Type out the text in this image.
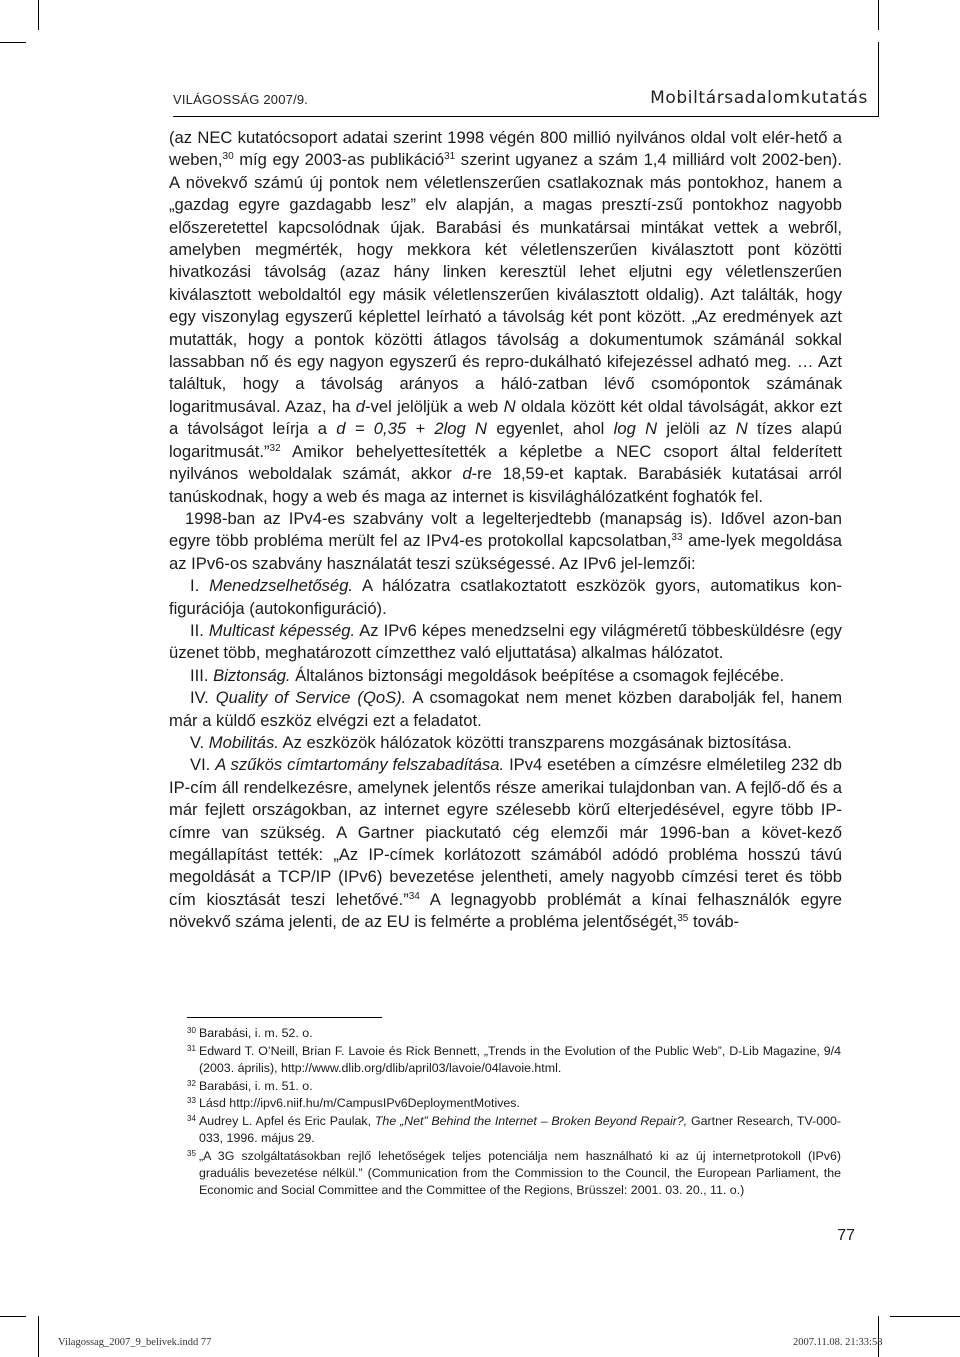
VILÁGOSSÁG 2007/9.	Mobiltársadalomkutatás

(az NEC kutatócsoport adatai szerint 1998 végén 800 millió nyilvános oldal volt elér-hető a weben,$^{30}$ míg egy 2003-as publikáció$^{31}$ szerint ugyanez a szám 1,4 milliárd volt 2002-ben). A növekvő számú új pontok nem véletlenszerűen csatlakoznak más pontokhoz, hanem a „gazdag egyre gazdagabb lesz” elv alapján, a magas presztí-zsű pontokhoz nagyobb előszeretettel kapcsolódnak újak. Barabási és munkatársai mintákat vettek a webről, amelyben megmérték, hogy mekkora két véletlenszerűen kiválasztott pont közötti hivatkozási távolság (azaz hány linken keresztül lehet eljutni egy véletlenszerűen kiválasztott weboldaltól egy másik véletlenszerűen kiválasztott oldalig). Azt találták, hogy egy viszonylag egyszerű képlettel leírható a távolság két pont között. „Az eredmények azt mutatták, hogy a pontok közötti átlagos távolság a dokumentumok számánál sokkal lassabban nő és egy nagyon egyszerű és repro-dukálható kifejezéssel adható meg. … Azt találtuk, hogy a távolság arányos a háló-zatban lévő csomópontok számának logaritmusával. Azaz, ha d-vel jelöljük a web N oldala között két oldal távolságát, akkor ezt a távolságot leírja a d = 0,35 + 2log N egyenlet, ahol log N jelöli az N tízes alapú logaritmusát.”$^{32}$ Amikor behelyettesítették a képletbe a NEC csoport által felderített nyilvános weboldalak számát, akkor d-re 18,59-et kaptak. Barabásiék kutatásai arról tanúskodnak, hogy a web és maga az internet is kisvilághálózatként foghatók fel.

1998-ban az IPv4-es szabvány volt a legelterjedtebb (manapság is). Idővel azon-ban egyre több probléma merült fel az IPv4-es protokollal kapcsolatban,$^{33}$ ame-lyek megoldása az IPv6-os szabvány használatát teszi szükségessé. Az IPv6 jel-lemzői:

I. Menedzselhetőség. A hálózatra csatlakoztatott eszközök gyors, automatikus kon-figurációja (autokonfiguráció).

II. Multicast képesség. Az IPv6 képes menedzselni egy világméretű többesküldésre (egy üzenet több, meghatározott címzetthez való eljuttatása) alkalmas hálózatot.

III. Biztonság. Általános biztonsági megoldások beépítése a csomagok fejlécébe.

IV. Quality of Service (QoS). A csomagokat nem menet közben darabolják fel, hanem már a küldő eszköz elvégzi ezt a feladatot.

V. Mobilitás. Az eszközök hálózatok közötti transzparens mozgásának biztosítása.

VI. A szűkös címtartomány felszabadítása. IPv4 esetében a címzésre elméletileg 232 db IP-cím áll rendelkezésre, amelynek jelentős része amerikai tulajdonban van. A fejlő-dő és a már fejlett országokban, az internet egyre szélesebb körű elterjedésével, egyre több IP-címre van szükség. A Gartner piackutató cég elemzői már 1996-ban a követ-kező megállapítást tették: „Az IP-címek korlátozott számából adódó probléma hosszú távú megoldását a TCP/IP (IPv6) bevezetése jelentheti, amely nagyobb címzési teret és több cím kiosztását teszi lehetővé.”$^{34}$ A legnagyobb problémát a kínai felhasználók egyre növekvő száma jelenti, de az EU is felmérte a probléma jelentőségét,$^{35}$ továb-

30 Barabási, i. m. 52. o.
31 Edward T. O’Neill, Brian F. Lavoie és Rick Bennett, „Trends in the Evolution of the Public Web”, D-Lib Magazine, 9/4 (2003. április), http://www.dlib.org/dlib/april03/lavoie/04lavoie.html.
32 Barabási, i. m. 51. o.
33 Lásd http://ipv6.niif.hu/m/CampusIPv6DeploymentMotives.
34 Audrey L. Apfel és Eric Paulak, The „Net” Behind the Internet – Broken Beyond Repair?, Gartner Research, TV-000-033, 1996. május 29.
35 „A 3G szolgáltatásokban rejlő lehetőségek teljes potenciálja nem használható ki az új internetprotokoll (IPv6) graduális bevezetése nélkül.” (Communication from the Commission to the Council, the European Parliament, the Economic and Social Committee and the Committee of the Regions, Brüsszel: 2001. 03. 20., 11. o.)
77
Vilagossag_2007_9_belivek.indd 77	2007.11.08. 21:33:58
